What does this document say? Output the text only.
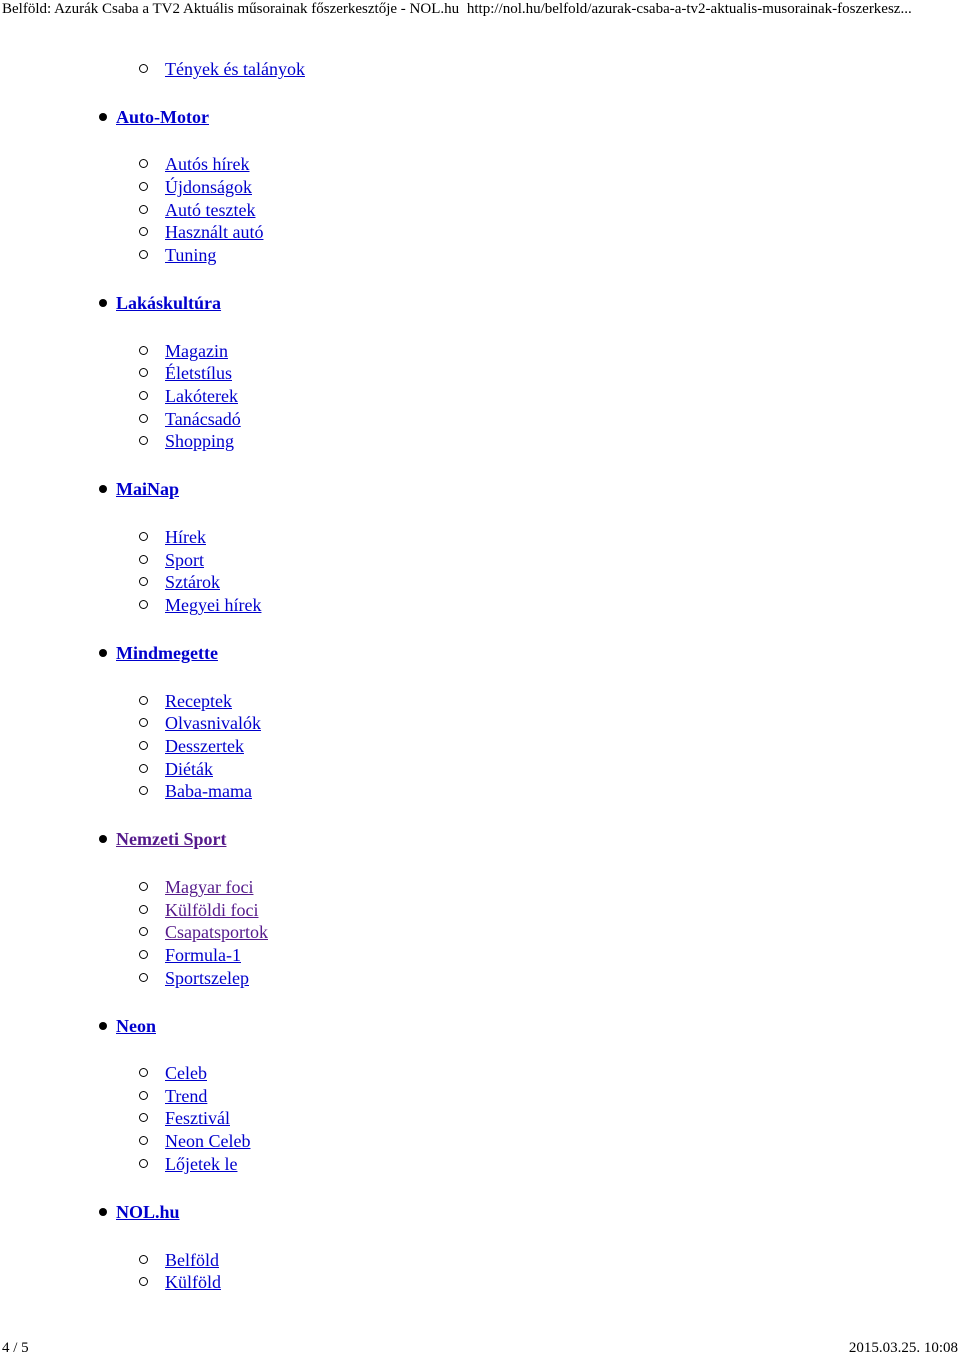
Belföld: Azurák Csaba a TV2 Aktuális műsorainak főszerkesztője - NOL.hu http://nol.hu/belfold/azurak-csaba-a-tv2-aktualis-musorainak-foszerkesz...
Tények és talányok
Auto-Motor
Autós hírek
Újdonságok
Autó tesztek
Használt autó
Tuning
Lakáskultúra
Magazin
Életstílus
Lakóterek
Tanácsadó
Shopping
MaiNap
Hírek
Sport
Sztárok
Megyei hírek
Mindmegette
Receptek
Olvasnivalók
Desszertek
Diéták
Baba-mama
Nemzeti Sport
Magyar foci
Külföldi foci
Csapatsportok
Formula-1
Sportszelep
Neon
Celeb
Trend
Fesztivál
Neon Celeb
Lőjetek le
NOL.hu
Belföld
Külföld
4 / 5	2015.03.25. 10:08
